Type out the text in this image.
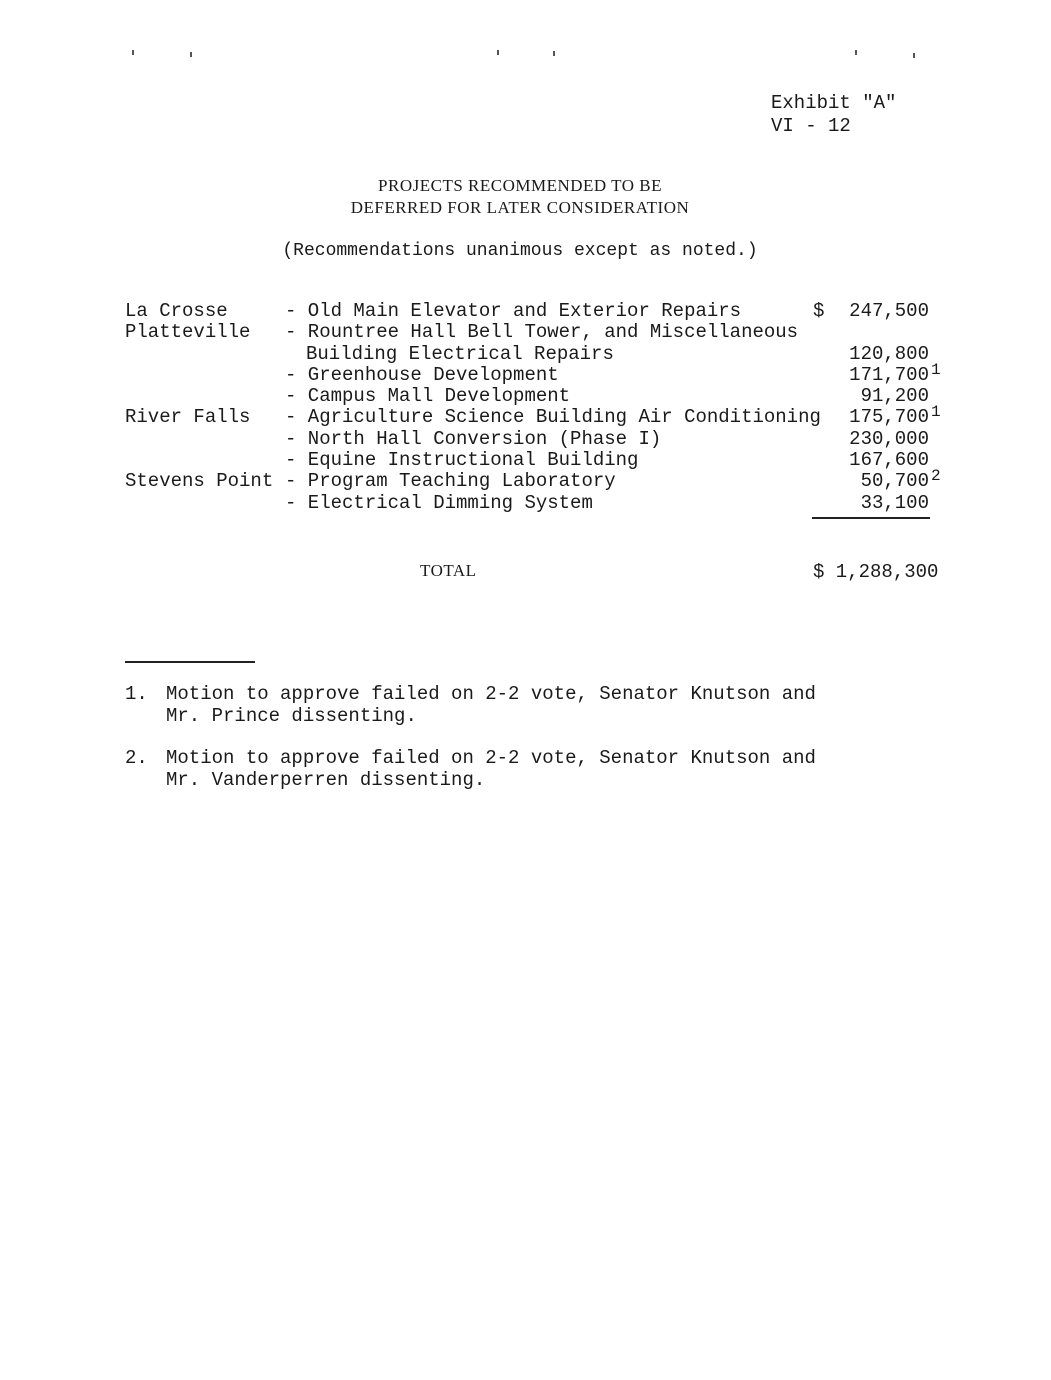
Exhibit "A"
VI - 12
PROJECTS RECOMMENDED TO BE
DEFERRED FOR LATER CONSIDERATION
(Recommendations unanimous except as noted.)
La Crosse	- Old Main Elevator and Exterior Repairs	$ 247,500
Platteville - Rountree Hall Bell Tower, and Miscellaneous
Building Electrical Repairs	120,800
- Greenhouse Development	171,700 1
- Campus Mall Development	91,200
River Falls - Agriculture Science Building Air Conditioning 175,700 1
- North Hall Conversion (Phase I)	230,000
- Equine Instructional Building	167,600
Stevens Point - Program Teaching Laboratory	50,700 2
- Electrical Dimming System	33,100
TOTAL	$ 1,288,300
1. Motion to approve failed on 2-2 vote, Senator Knutson and Mr. Prince dissenting.
2. Motion to approve failed on 2-2 vote, Senator Knutson and Mr. Vanderperren dissenting.
